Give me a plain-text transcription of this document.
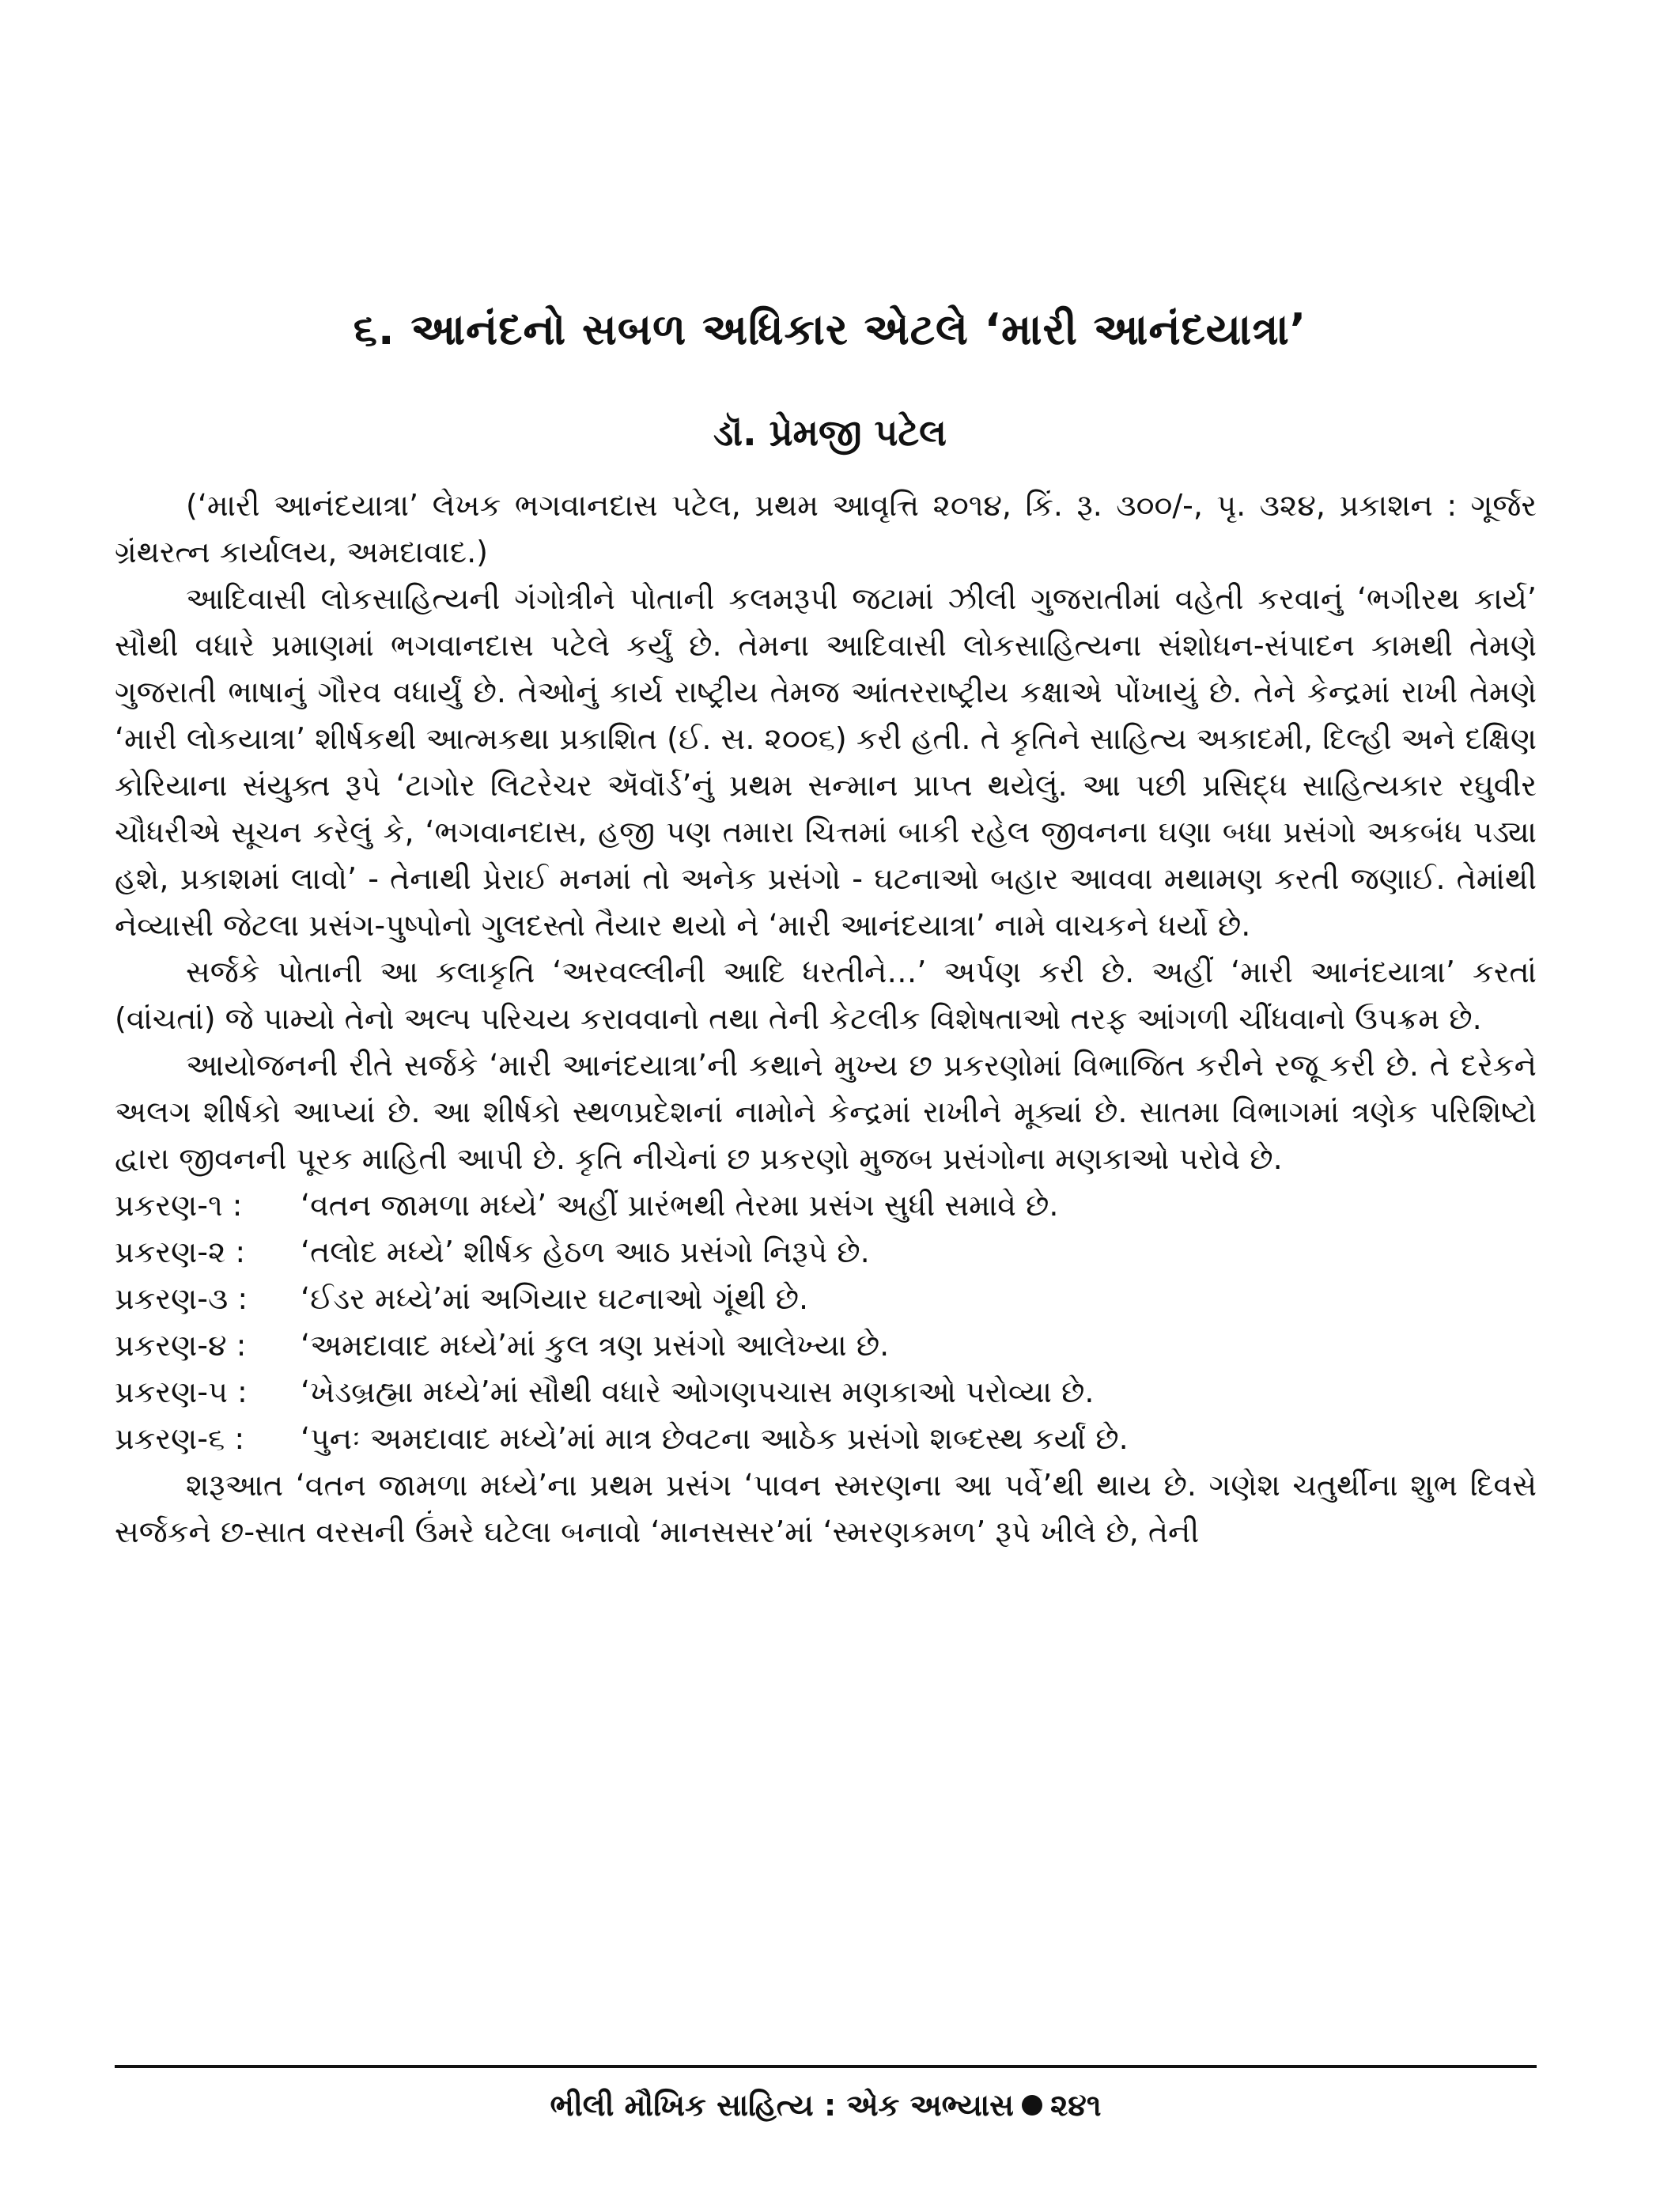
૬. આનંદનો સબળ અધિકાર એટલે ‘મારી આનંદયાત્રા’
ડૉ. પ્રેમજી પટેલ

(‘મારી આનંદયાત્રા’ લેખક ભગવાનદાસ પટેલ, પ્રથમ આવૃત્તિ ૨૦૧૪, કિં. રૂ. ૩૦૦/-, પૃ. ૩૨૪, પ્રકાશન : ગૂર્જર ગ્રંથરત્ન કાર્યાલય, અમદાવાદ.)

આદિવાસી લોકસાહિત્યની ગંગોત્રીને પોતાની કલમરૂપી જટામાં ઝીલી ગુજરાતીમાં વહેતી કરવાનું ‘ભગીરથ કાર્ય’ સૌથી વધારે પ્રમાણમાં ભગવાનદાસ પટેલે કર્યું છે. તેમના આદિવાસી લોકસાહિત્યના સંશોધન-સંપાદન કામથી તેમણે ગુજરાતી ભાષાનું ગૌરવ વધાર્યું છે. તેઓનું કાર્ય રાષ્ટ્રીય તેમજ આંતરરાષ્ટ્રીય કક્ષાએ પોંખાયું છે. તેને કેન્દ્રમાં રાખી તેમણે ‘મારી લોકયાત્રા’ શીર્ષકથી આત્મકથા પ્રકાશિત (ઈ. સ. ૨૦૦૬) કરી હતી. તે કૃતિને સાહિત્ય અકાદમી, દિલ્હી અને દક્ષિણ કોરિયાના સંયુક્ત રૂપે ‘ટાગોર લિટરેચર ઍવૉર્ડ’નું પ્રથમ સન્માન પ્રાપ્ત થયેલું. આ પછી પ્રસિદ્ધ સાહિત્યકાર રઘુવીર ચૌધરીએ સૂચન કરેલું કે, ‘ભગવાનદાસ, હજી પણ તમારા ચિત્તમાં બાકી રહેલ જીવનના ઘણા બધા પ્રસંગો અકબંધ પડ્યા હશે, પ્રકાશમાં લાવો’ - તેનાથી પ્રેરાઈ મનમાં તો અનેક પ્રસંગો - ઘટનાઓ બહાર આવવા મથામણ કરતી જણાઈ. તેમાંથી નેવ્યાસી જેટલા પ્રસંગ-પુષ્પોનો ગુલદસ્તો તૈયાર થયો ને ‘મારી આનંદયાત્રા’ નામે વાચકને ધર્યો છે.

સર્જકે પોતાની આ કલાકૃતિ ‘અરવલ્લીની આદિ ધરતીને…’ અર્પણ કરી છે. અહીં ‘મારી આનંદયાત્રા’ કરતાં (વાંચતાં) જે પામ્યો તેનો અલ્પ પરિચય કરાવવાનો તથા તેની કેટલીક વિશેષતાઓ તરફ આંગળી ચીંધવાનો ઉપક્રમ છે.

આયોજનની રીતે સર્જકે ‘મારી આનંદયાત્રા’ની કથાને મુખ્ય છ પ્રકરણોમાં વિભાજિત કરીને રજૂ કરી છે. તે દરેકને અલગ શીર્ષકો આપ્યાં છે. આ શીર્ષકો સ્થળપ્રદેશનાં નામોને કેન્દ્રમાં રાખીને મૂક્યાં છે. સાતમા વિભાગમાં ત્રણેક પરિશિષ્ટો દ્વારા જીવનની પૂરક માહિતી આપી છે. કૃતિ નીચેનાં છ પ્રકરણો મુજબ પ્રસંગોના મણકાઓ પરોવે છે.

પ્રકરણ-૧ :	‘વતન જામળા મધ્યે’ અહીં પ્રારંભથી તેરમા પ્રસંગ સુધી સમાવે છે.
પ્રકરણ-૨ :	‘તલોદ મધ્યે’ શીર્ષક હેઠળ આઠ પ્રસંગો નિરૂપે છે.
પ્રકરણ-૩ :	‘ઈડર મધ્યે’માં અગિયાર ઘટનાઓ ગૂંથી છે.
પ્રકરણ-૪ :	‘અમદાવાદ મધ્યે’માં કુલ ત્રણ પ્રસંગો આલેખ્યા છે.
પ્રકરણ-૫ :	‘ખેડબ્રહ્મા મધ્યે’માં સૌથી વધારે ઓગણપચાસ મણકાઓ પરોવ્યા છે.
પ્રકરણ-૬ :	‘પુનઃ અમદાવાદ મધ્યે’માં માત્ર છેવટના આઠેક પ્રસંગો શબ્દસ્થ કર્યાં છે.

શરૂઆત ‘વતન જામળા મધ્યે’ના પ્રથમ પ્રસંગ ‘પાવન સ્મરણના આ પર્વે’થી થાય છે. ગણેશ ચતુર્થીના શુભ દિવસે સર્જકને છ-સાત વરસની ઉંમરે ઘટેલા બનાવો ‘માનસસર’માં ‘સ્મરણકમળ’ રૂપે ખીલે છે, તેની

ભીલી મૌખિક સાહિત્ય : એક અભ્યાસ ૨૪૧
